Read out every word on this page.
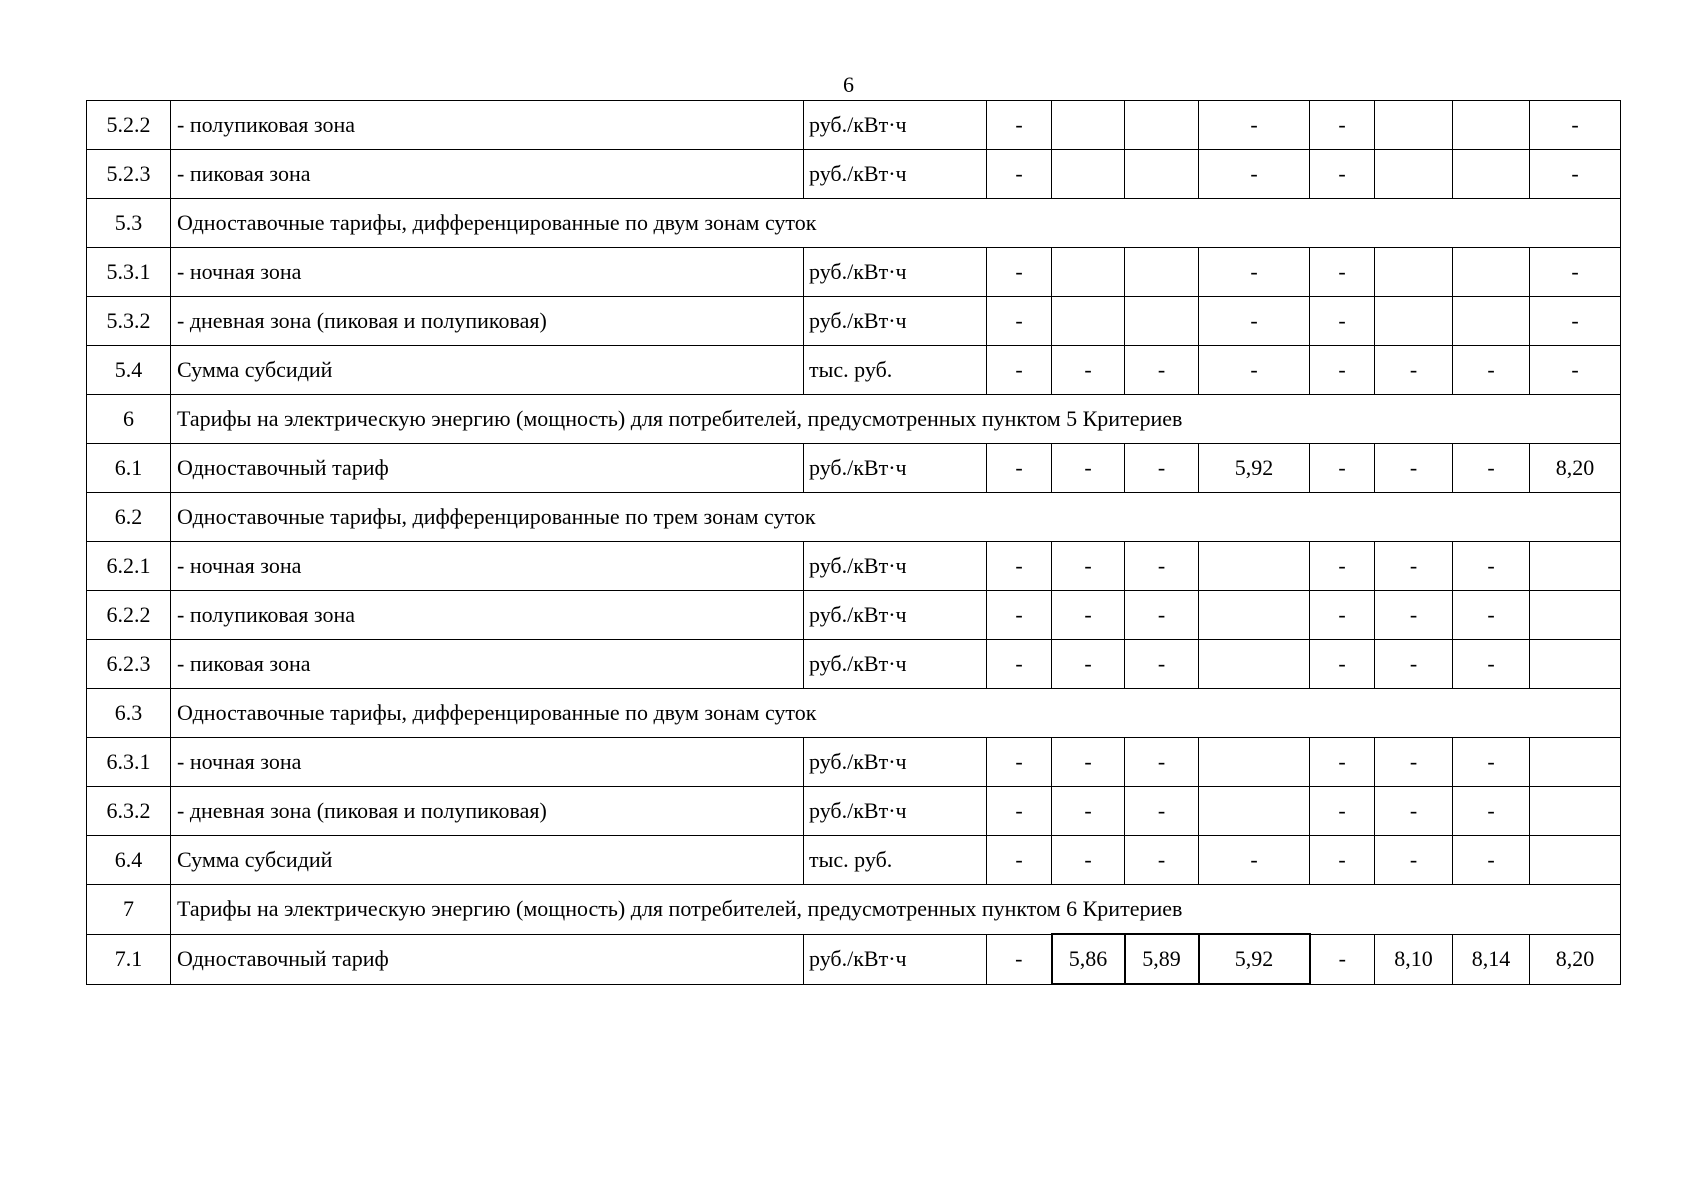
6
5.2.2	- полупиковая зона	руб./кВт·ч	-			-	-			-
5.2.3	- пиковая зона	руб./кВт·ч	-			-	-			-
5.3	Одноставочные тарифы, дифференцированные по двум зонам суток									
5.3.1	- ночная зона	руб./кВт·ч	-			-	-			-
5.3.2	- дневная зона (пиковая и полупиковая)	руб./кВт·ч	-			-	-			-
5.4	Сумма субсидий	тыс. руб.	-	-	-	-	-	-	-	-
6	Тарифы на электрическую энергию (мощность) для потребителей, предусмотренных пунктом 5 Критериев									
6.1	Одноставочный тариф	руб./кВт·ч	-	-	-	5,92	-	-	-	8,20
6.2	Одноставочные тарифы, дифференцированные по трем зонам суток									
6.2.1	- ночная зона	руб./кВт·ч	-	-	-		-	-	-	
6.2.2	- полупиковая зона	руб./кВт·ч	-	-	-		-	-	-	
6.2.3	- пиковая зона	руб./кВт·ч	-	-	-		-	-	-	
6.3	Одноставочные тарифы, дифференцированные по двум зонам суток									
6.3.1	- ночная зона	руб./кВт·ч	-	-	-		-	-	-	
6.3.2	- дневная зона (пиковая и полупиковая)	руб./кВт·ч	-	-	-		-	-	-	
6.4	Сумма субсидий	тыс. руб.	-	-	-	-	-	-	-	
7	Тарифы на электрическую энергию (мощность) для потребителей, предусмотренных пунктом 6 Критериев									
7.1	Одноставочный тариф	руб./кВт·ч	-	5,86	5,89	5,92	-	8,10	8,14	8,20
